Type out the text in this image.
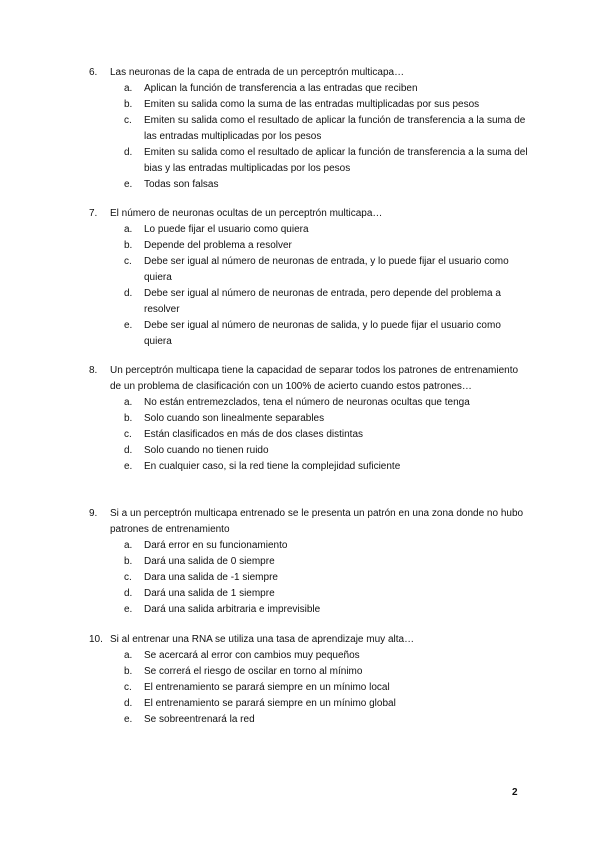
6.	Las neuronas de la capa de entrada de un perceptrón multicapa…
a.	Aplican la función de transferencia a las entradas que reciben
b.	Emiten su salida como la suma de las entradas multiplicadas por sus pesos
c.	Emiten su salida como el resultado de aplicar la función de transferencia a la suma de las entradas multiplicadas por los pesos
d.	Emiten su salida como el resultado de aplicar la función de transferencia a la suma del bias y las entradas multiplicadas por los pesos
e.	Todas son falsas
7.	El número de neuronas ocultas de un perceptrón multicapa…
a.	Lo puede fijar el usuario como quiera
b.	Depende del problema a resolver
c.	Debe ser igual al número de neuronas de entrada, y lo puede fijar el usuario como quiera
d.	Debe ser igual al número de neuronas de entrada, pero depende del problema a resolver
e.	Debe ser igual al número de neuronas de salida, y lo puede fijar el usuario como quiera
8.	Un perceptrón multicapa tiene la capacidad de separar todos los patrones de entrenamiento de un problema de clasificación con un 100% de acierto cuando estos patrones…
a.	No están entremezclados, tena el número de neuronas ocultas que tenga
b.	Solo cuando son linealmente separables
c.	Están clasificados en más de dos clases distintas
d.	Solo cuando no tienen ruido
e.	En cualquier caso, si la red tiene la complejidad suficiente
9.	Si a un perceptrón multicapa entrenado se le presenta un patrón en una zona donde no hubo patrones de entrenamiento
a.	Dará error en su funcionamiento
b.	Dará una salida de 0 siempre
c.	Dara una salida de -1 siempre
d.	Dará una salida de 1 siempre
e.	Dará una salida arbitraria e imprevisible
10. Si al entrenar una RNA se utiliza una tasa de aprendizaje muy alta…
a.	Se acercará al error con cambios muy pequeños
b.	Se correrá el riesgo de oscilar en torno al mínimo
c.	El entrenamiento se parará siempre en un mínimo local
d.	El entrenamiento se parará siempre en un mínimo global
e.	Se sobreentrenará la red
2
